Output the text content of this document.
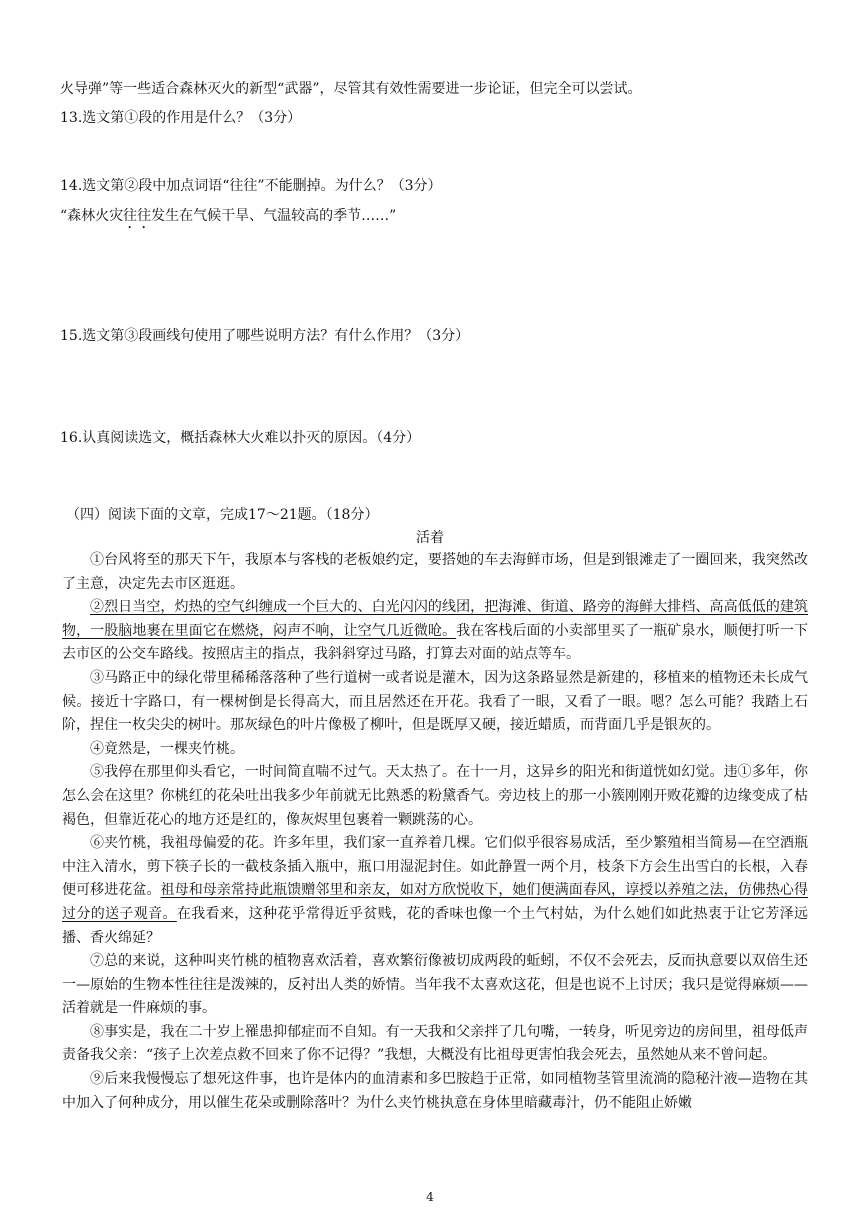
火导弹”等一些适合森林灭火的新型“武器”，尽管其有效性需要进一步论证，但完全可以尝试。
13.选文第①段的作用是什么？（3分）
14.选文第②段中加点词语“往往”不能删掉。为什么？（3分）
“森林火灾往往发生在气候干旱、气温较高的季节……”
15.选文第③段画线句使用了哪些说明方法？有什么作用？（3分）
16.认真阅读选文，概括森林大火难以扑灭的原因。（4分）
（四）阅读下面的文章，完成17～21题。（18分）
活着
①台风将至的那天下午，我原本与客栈的老板娘约定，要搭她的车去海鲜市场，但是到银滩走了一圈回来，我突然改了主意，决定先去市区逛逛。
②烈日当空，灼热的空气纠缠成一个巨大的、白光闪闪的线团，把海滩、街道、路旁的海鲜大排档、高高低低的建筑物，一股脑地裹在里面它在燃烧，闷声不响，让空气几近微呛。我在客栈后面的小卖部里买了一瓶矿泉水，顺便打听一下去市区的公交车路线。按照店主的指点，我斜斜穿过马路，打算去对面的站点等车。
③马路正中的绿化带里稀稀落落种了些行道树一或者说是灌木，因为这条路显然是新建的，移植来的植物还未长成气候。接近十字路口，有一棵树倒是长得高大，而且居然还在开花。我看了一眼，又看了一眼。嗯？怎么可能？我踏上石阶，捏住一枚尖尖的树叶。那灰绿色的叶片像极了柳叶，但是既厚又硬，接近蜡质，而背面几乎是银灰的。
④竟然是，一棵夹竹桃。
⑤我停在那里仰头看它，一时间简直喘不过气。天太热了。在十一月，这异乡的阳光和街道恍如幻觉。违①多年，你怎么会在这里？你桃红的花朵吐出我多少年前就无比熟悉的粉黛香气。旁边枝上的那一小簇刚刚开败花瓣的边缘变成了枯褐色，但靠近花心的地方还是红的，像灰烬里包裹着一颗跳荡的心。
⑥夹竹桃，我祖母偏爱的花。许多年里，我们家一直养着几棵。它们似乎很容易成活，至少繁殖相当简易—在空酒瓶中注入清水，剪下筷子长的一截枝条插入瓶中，瓶口用湿泥封住。如此静置一两个月，枝条下方会生出雪白的长根，入春便可移进花盆。祖母和母亲常持此瓶馈赠邻里和亲友，如对方欣悦收下，她们便满面春风，谆授以养殖之法，仿佛热心得过分的送子观音。在我看来，这种花乎常得近乎贫贱，花的香味也像一个土气村姑，为什么她们如此热衷于让它芳泽远播、香火绵延？
⑦总的来说，这种叫夹竹桃的植物喜欢活着，喜欢繁衍像被切成两段的蚯蚓，不仅不会死去，反而执意要以双倍生还一—原始的生物本性往往是泼辣的，反衬出人类的娇情。当年我不太喜欢这花，但是也说不上讨厌；我只是觉得麻烦——活着就是一件麻烦的事。
⑧事实是，我在二十岁上罹患抑郁症而不自知。有一天我和父亲拌了几句嘴，一转身，听见旁边的房间里，祖母低声责备我父亲：“孩子上次差点救不回来了你不记得？”我想，大概没有比祖母更害怕我会死去，虽然她从来不曾问起。
⑨后来我慢慢忘了想死这件事，也许是体内的血清素和多巴胺趋于正常，如同植物茎管里流淌的隐秘汁液—造物在其中加入了何种成分，用以催生花朵或删除落叶？为什么夹竹桃执意在身体里暗藏毒汁，仍不能阻止娇嫩
4
